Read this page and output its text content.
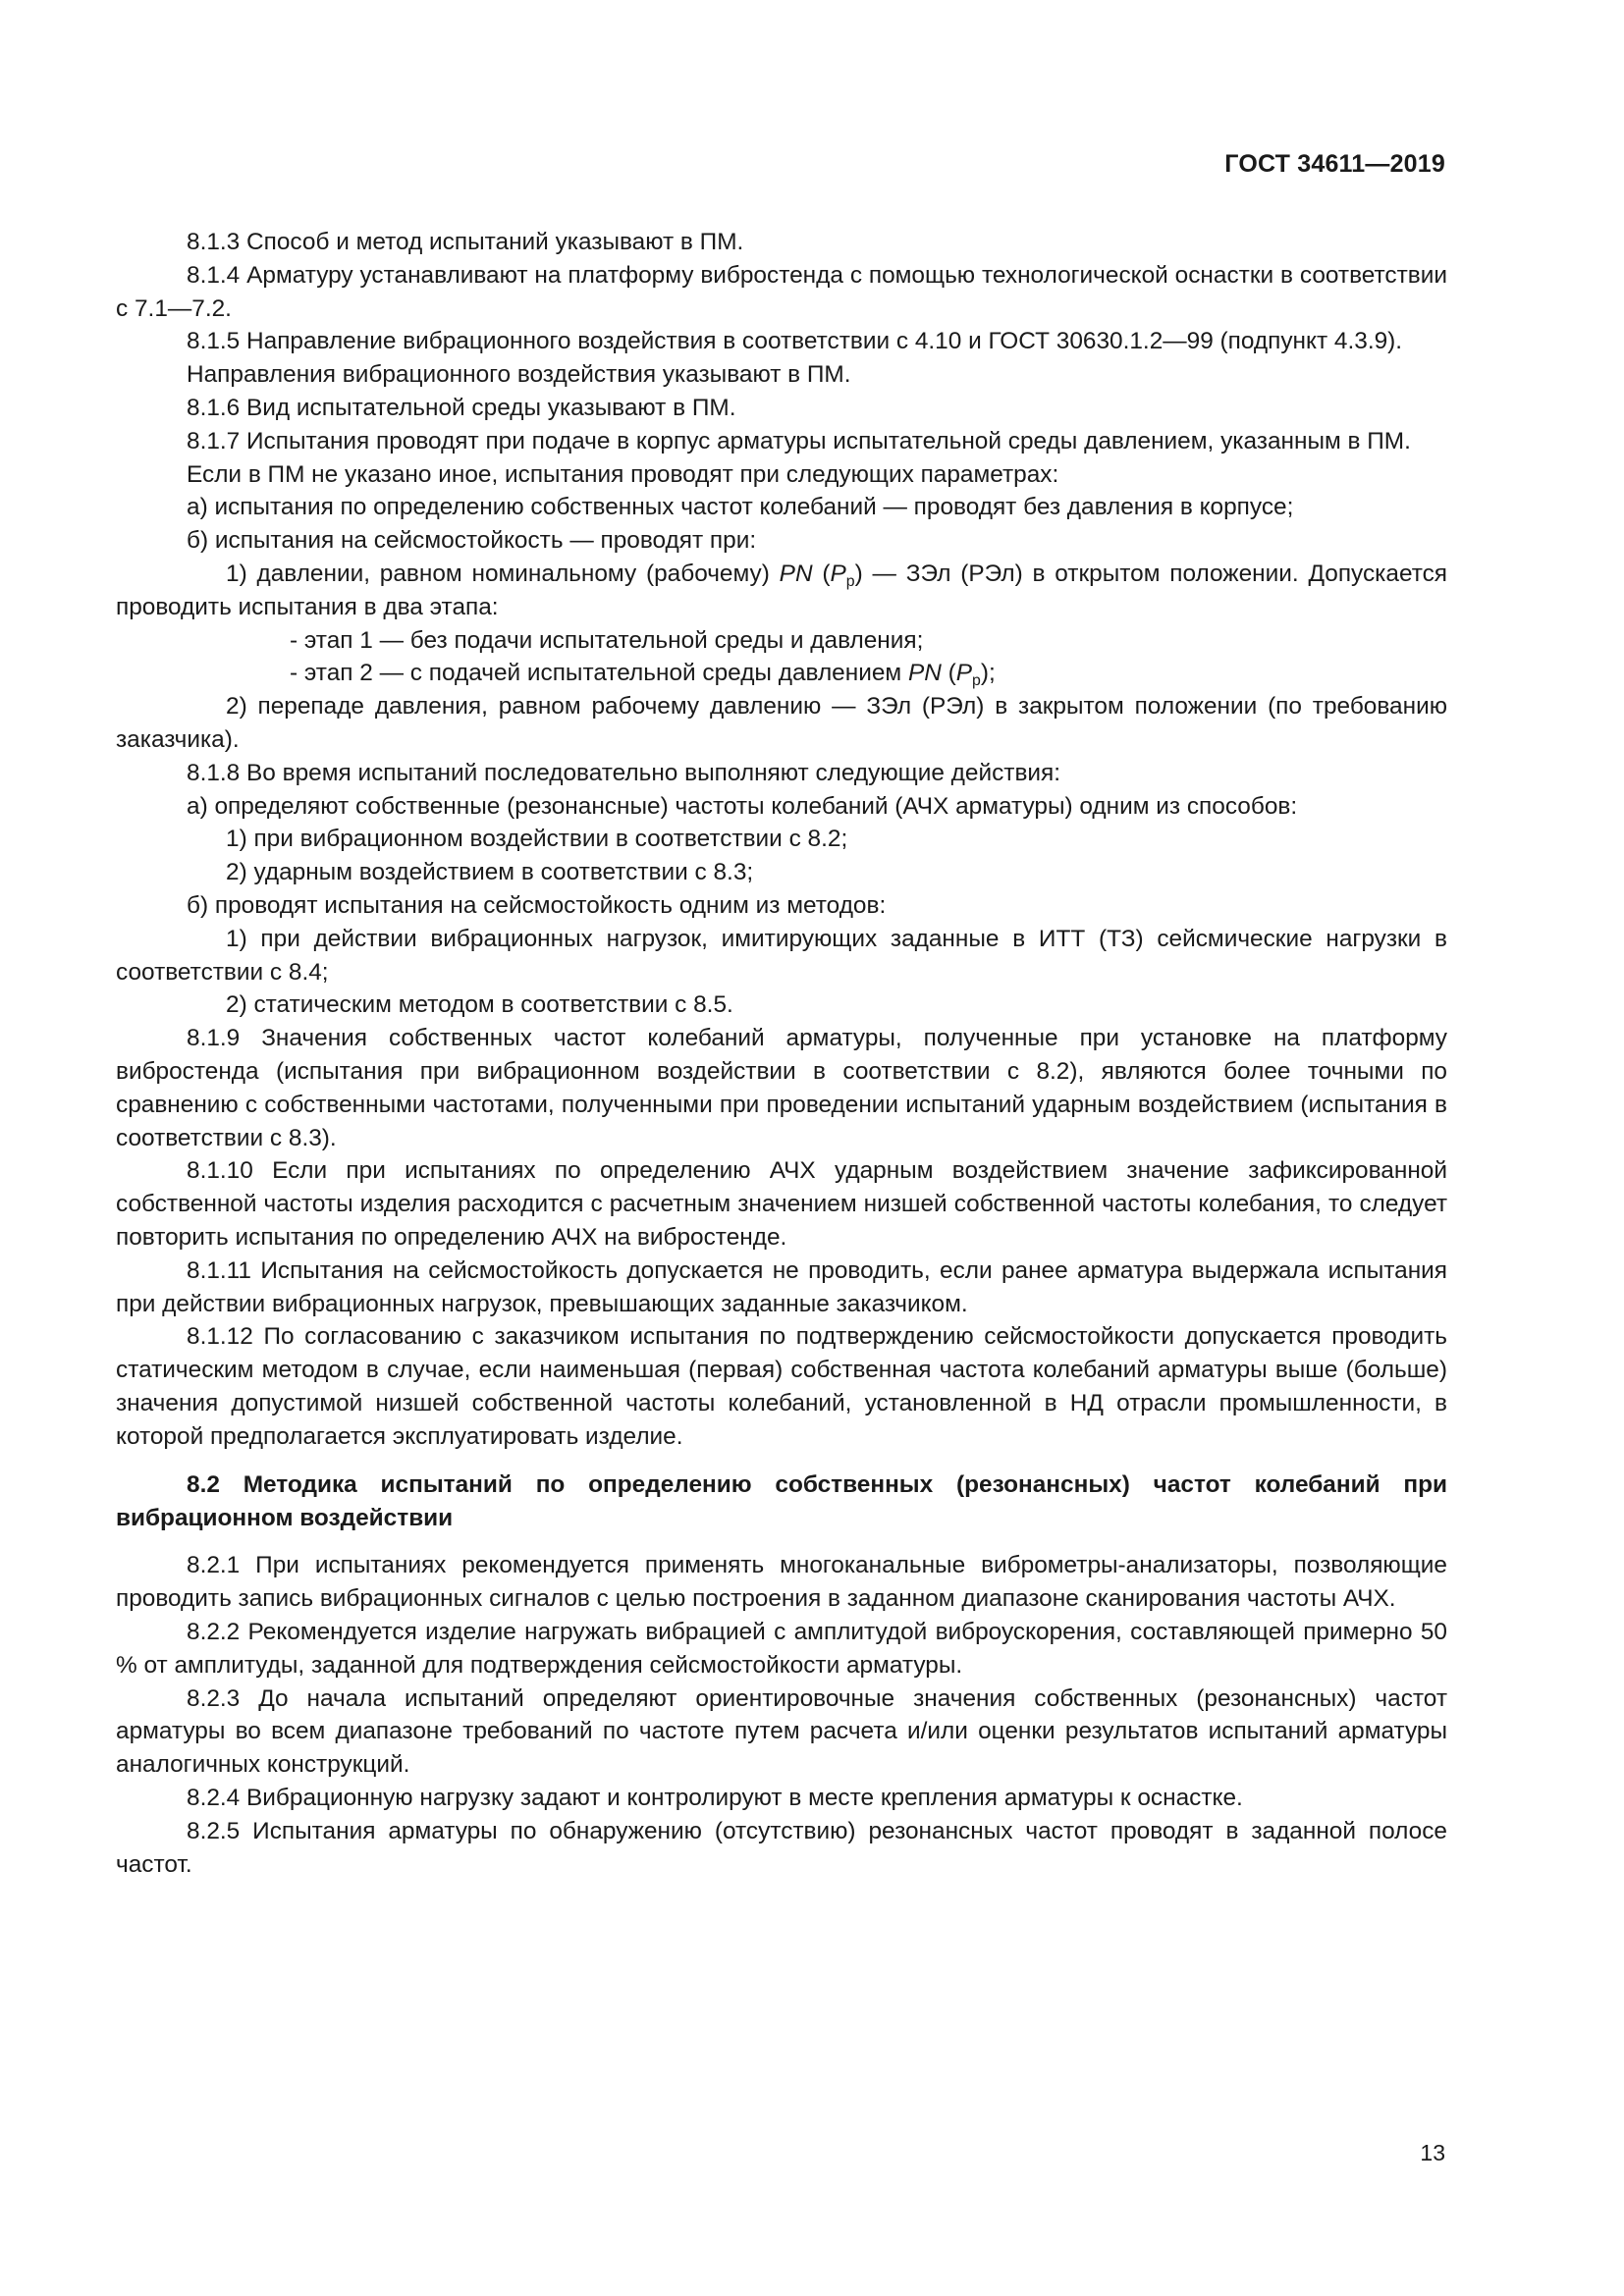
ГОСТ 34611—2019

8.1.3 Способ и метод испытаний указывают в ПМ.

8.1.4 Арматуру устанавливают на платформу вибростенда с помощью технологической оснастки в соответствии с 7.1—7.2.

8.1.5 Направление вибрационного воздействия в соответствии с 4.10 и ГОСТ 30630.1.2—99 (подпункт 4.3.9).

Направления вибрационного воздействия указывают в ПМ.

8.1.6 Вид испытательной среды указывают в ПМ.

8.1.7 Испытания проводят при подаче в корпус арматуры испытательной среды давлением, указанным в ПМ.

Если в ПМ не указано иное, испытания проводят при следующих параметрах:

а) испытания по определению собственных частот колебаний — проводят без давления в корпусе;

б) испытания на сейсмостойкость — проводят при:

1) давлении, равном номинальному (рабочему) PN $(P_р)$ — ЗЭл (РЭл) в открытом положении. Допускается проводить испытания в два этапа:

- этап 1 — без подачи испытательной среды и давления;

- этап 2 — с подачей испытательной среды давлением PN $(P_р)$;

2) перепаде давления, равном рабочему давлению — ЗЭл (РЭл) в закрытом положении (по требованию заказчика).

8.1.8 Во время испытаний последовательно выполняют следующие действия:

а) определяют собственные (резонансные) частоты колебаний (АЧХ арматуры) одним из способов:

1) при вибрационном воздействии в соответствии с 8.2;

2) ударным воздействием в соответствии с 8.3;

б) проводят испытания на сейсмостойкость одним из методов:

1) при действии вибрационных нагрузок, имитирующих заданные в ИТТ (ТЗ) сейсмические нагрузки в соответствии с 8.4;

2) статическим методом в соответствии с 8.5.

8.1.9 Значения собственных частот колебаний арматуры, полученные при установке на платформу вибростенда (испытания при вибрационном воздействии в соответствии с 8.2), являются более точными по сравнению с собственными частотами, полученными при проведении испытаний ударным воздействием (испытания в соответствии с 8.3).

8.1.10 Если при испытаниях по определению АЧХ ударным воздействием значение зафиксированной собственной частоты изделия расходится с расчетным значением низшей собственной частоты колебания, то следует повторить испытания по определению АЧХ на вибростенде.

8.1.11 Испытания на сейсмостойкость допускается не проводить, если ранее арматура выдержала испытания при действии вибрационных нагрузок, превышающих заданные заказчиком.

8.1.12 По согласованию с заказчиком испытания по подтверждению сейсмостойкости допускается проводить статическим методом в случае, если наименьшая (первая) собственная частота колебаний арматуры выше (больше) значения допустимой низшей собственной частоты колебаний, установленной в НД отрасли промышленности, в которой предполагается эксплуатировать изделие.

8.2 Методика испытаний по определению собственных (резонансных) частот колебаний при вибрационном воздействии

8.2.1 При испытаниях рекомендуется применять многоканальные виброметры-анализаторы, позволяющие проводить запись вибрационных сигналов с целью построения в заданном диапазоне сканирования частоты АЧХ.

8.2.2 Рекомендуется изделие нагружать вибрацией с амплитудой виброускорения, составляющей примерно 50 % от амплитуды, заданной для подтверждения сейсмостойкости арматуры.

8.2.3 До начала испытаний определяют ориентировочные значения собственных (резонансных) частот арматуры во всем диапазоне требований по частоте путем расчета и/или оценки результатов испытаний арматуры аналогичных конструкций.

8.2.4 Вибрационную нагрузку задают и контролируют в месте крепления арматуры к оснастке.

8.2.5 Испытания арматуры по обнаружению (отсутствию) резонансных частот проводят в заданной полосе частот.

13
